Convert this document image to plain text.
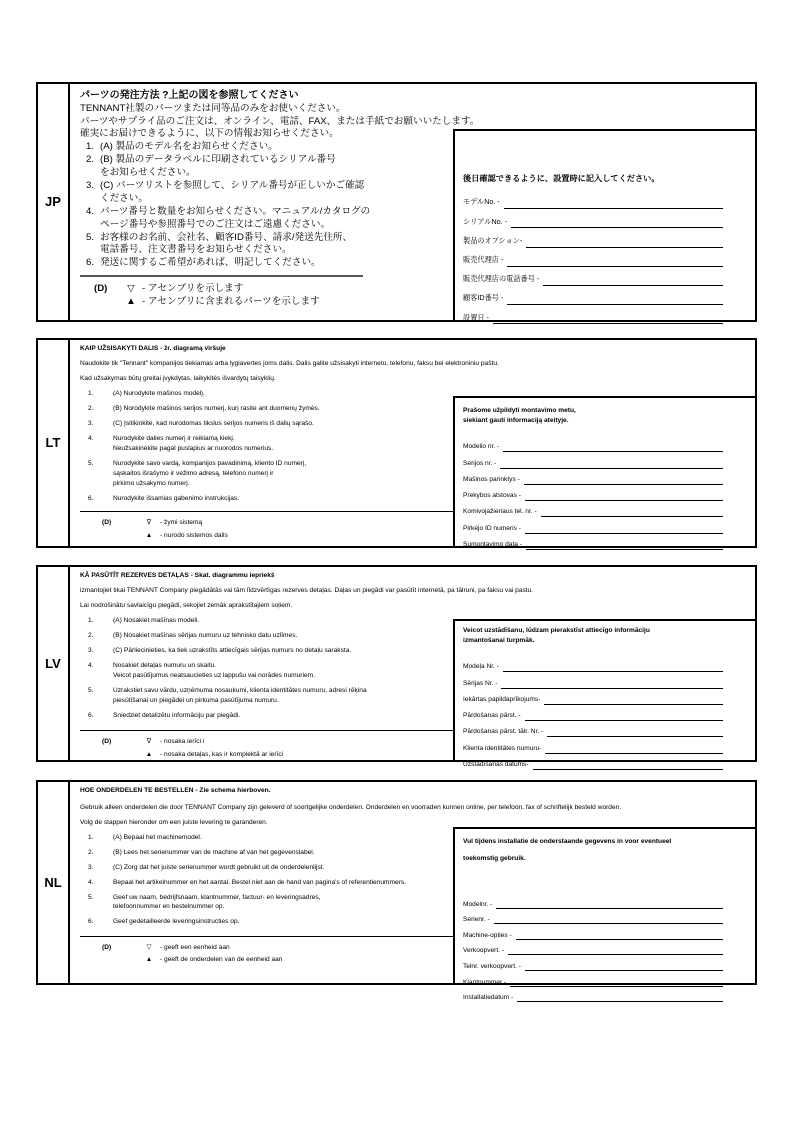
JP
パーツの発注方法 ?上記の図を参照してください
TENNANT社製のパーツまたは同等品のみをお使いください。
パーツやサプライ品のご注文は、オンライン、電話、FAX、または手紙でお願いいたします。
確実にお届けできるように、以下の情報お知らせください。
1. (A) 製品のモデル名をお知らせください。
2. (B) 製品のデータラベルに印刷されているシリアル番号
をお知らせください。
3. (C) パーツリストを参照して、シリアル番号が正しいかご確認
ください。
4. パーツ番号と数量をお知らせください。マニュアル/カタログの
ページ番号や参照番号でのご注文はご遠慮ください。
5. お客様のお名前、会社名、顧客ID番号、請求/発送先住所、
電話番号、注文書番号をお知らせください。
6. 発送に関するご希望があれば、明記してください。
(D)	▽ - アセンブリを示します
▲ - アセンブリに含まれるパーツを示します
後日確認できるように、設置時に記入してください。
モデルNo. -
シリアルNo. -
製品のオプション-
販売代理店 -
販売代理店の電話番号 -
顧客ID番号 -
設置日 -
LT
KAIP UŽSISAKYTI DALIS - žr. diagramą viršuje
Naudokite tik "Tennant" kompanijos tiekiamas arba lygiavertes joms dalis. Dalis galite užsisakyti internetu, telefonu, faksu bei elektroniniu paštu.
Kad užsakymas būtų greitai įvykdytas, laikykitės išvardytų taisyklių.
1.	(A) Nurodykite mašinos modelį.
2.	(B) Norodykite mašinos serijos numerį, kurį rasite ant duomenų žymės.
3.	(C) Įsitikinkite, kad nurodomas tikslus serijos numeris iš dalių sąrašo.
4.	Nurodykite dalies numerį ir reikiamą kiekį.
Neužsakinėkite pagal puslapius ar nuorodos numerius.
5.	Nurodykite savo vardą, kompanijos pavadinimą, kliento ID numerį,
sąskaitos išrašymo ir vežimo adresą, telefono numerį ir
pirkimo užsakymo numerį.
6.	Nurodykite išsamias gabenimo instrukcijas.
(D)	∇	- žymi sistemą
▲	- nurodo sistemos dalis
Prašome užpildyti montavimo metu,
siekiant gauti informaciją ateityje.
Modelio nr. -
Serijos nr. -
Mašinos parinktys -
Prekybos atstovas -
Komivojažieriaus tel. nr. -
Pirkėjo ID numeris -
Sumontavimo data -
LV
KĀ PASŪTĪT REZERVES DETAĻAS - Skat. diagrammu iepriekš
izmantojiet tikai TENNANT Company piegādātās vai tām līdzvērtīgas rezerves detaļas. Daļas un piegādi var pasūtīt internetā, pa tālruni, pa faksu vai pastu.
Lai nodrošinātu savlaicīgu piegādi, sekojiet zemāk aprakstītajiem soļiem.
1.	(A) Nosakiet mašīnas modeli.
2.	(B) Nosakiet mašīnas sērijas numuru uz tehnisko datu uzlīmes.
3.	(C) Pārliecinieties, ka tiek uzrakstīts attiecīgais sērijas numurs no detaļu saraksta.
4.	Nosakiet detaļas numuru un skaitu.
Veicot pasūtījumus neatsaucieties uz lappušu vai norādes numuriem.
5.	Uzrakstiet savu vārdu, uzņēmuma nosaukumi, klienta identitātes numuru, adresi rēķina
piesūtīšanai un piegādei un pirkuma pasūtījuma numuru.
6.	Sniedziet detalizētu informāciju par piegādi.
(D)	∇	- nosaka ierīci i
▲	- nosaka detaļas, kas ir komplektā ar ierīci
Veicot uzstādīšanu, lūdzam pierakstīst attiecīgo informāciju
izmantošanai turpmāk.
Modeļa Nr. -
Sērijas Nr. -
Iekārtas papildaprīkojums-
Pārdošanas pārst. -
Pārdošanas pārst. tālr. Nr. -
Klienta identitātes numuru-
Uzstādīšanas datums-
NL
HOE ONDERDELEN TE BESTELLEN - Zie schema hierboven.
Gebruik alleen onderdelen die door TENNANT Company zijn geleverd of soortgelijke onderdelen. Onderdelen en voorraden kunnen online, per telefoon, fax of schriftelijk besteld worden.
Volg de stappen hieronder om een juiste levering te garanderen.
1.	(A) Bepaal het machinemodel.
2.	(B) Lees het serienummer van de machine af van het gegevenslabel.
3.	(C) Zorg dat het juiste serienummer wordt gebruikt uit de onderdelenlijst.
4.	Bepaal het artikelnummer en het aantal. Bestel niet aan de hand van pagina's of referentienummers.
5.	Geef uw naam, bedrijfsnaam, klantnummer, factuur- en leveringsadres,
telefoonnummer en bestelnummer op.
6.	Geef gedetailleerde leveringsinstructies op.
(D)	▽	- geeft een eenheid aan
▲	- geeft de onderdelen van de eenheid aan
Vul tijdens installatie de onderstaande gegevens in voor eventueel
toekomstig gebruik.
Modelnr. -
Serienr. -
Machine-opties -
Verkoopvert. -
Telnr. verkoopvert. -
Klantnummer -
Installatiedatum -
